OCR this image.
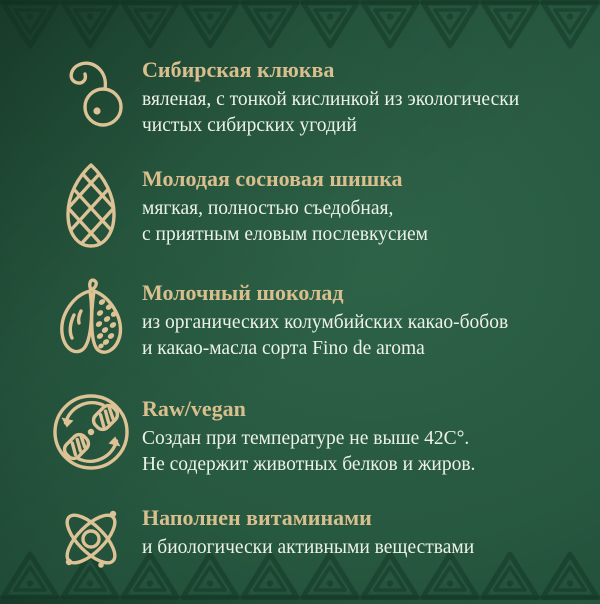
Сибирская клюква
вяленая, с тонкой кислинкой из экологически
чистых сибирских угодий
Молодая сосновая шишка
мягкая, полностью съедобная,
с приятным еловым послевкусием
Молочный шоколад
из органических колумбийских какао-бобов
и какао-масла сорта Fino de aroma
Raw/vegan
Создан при температуре не выше 42C°.
Не содержит животных белков и жиров.
Наполнен витаминами
и биологически активными веществами
